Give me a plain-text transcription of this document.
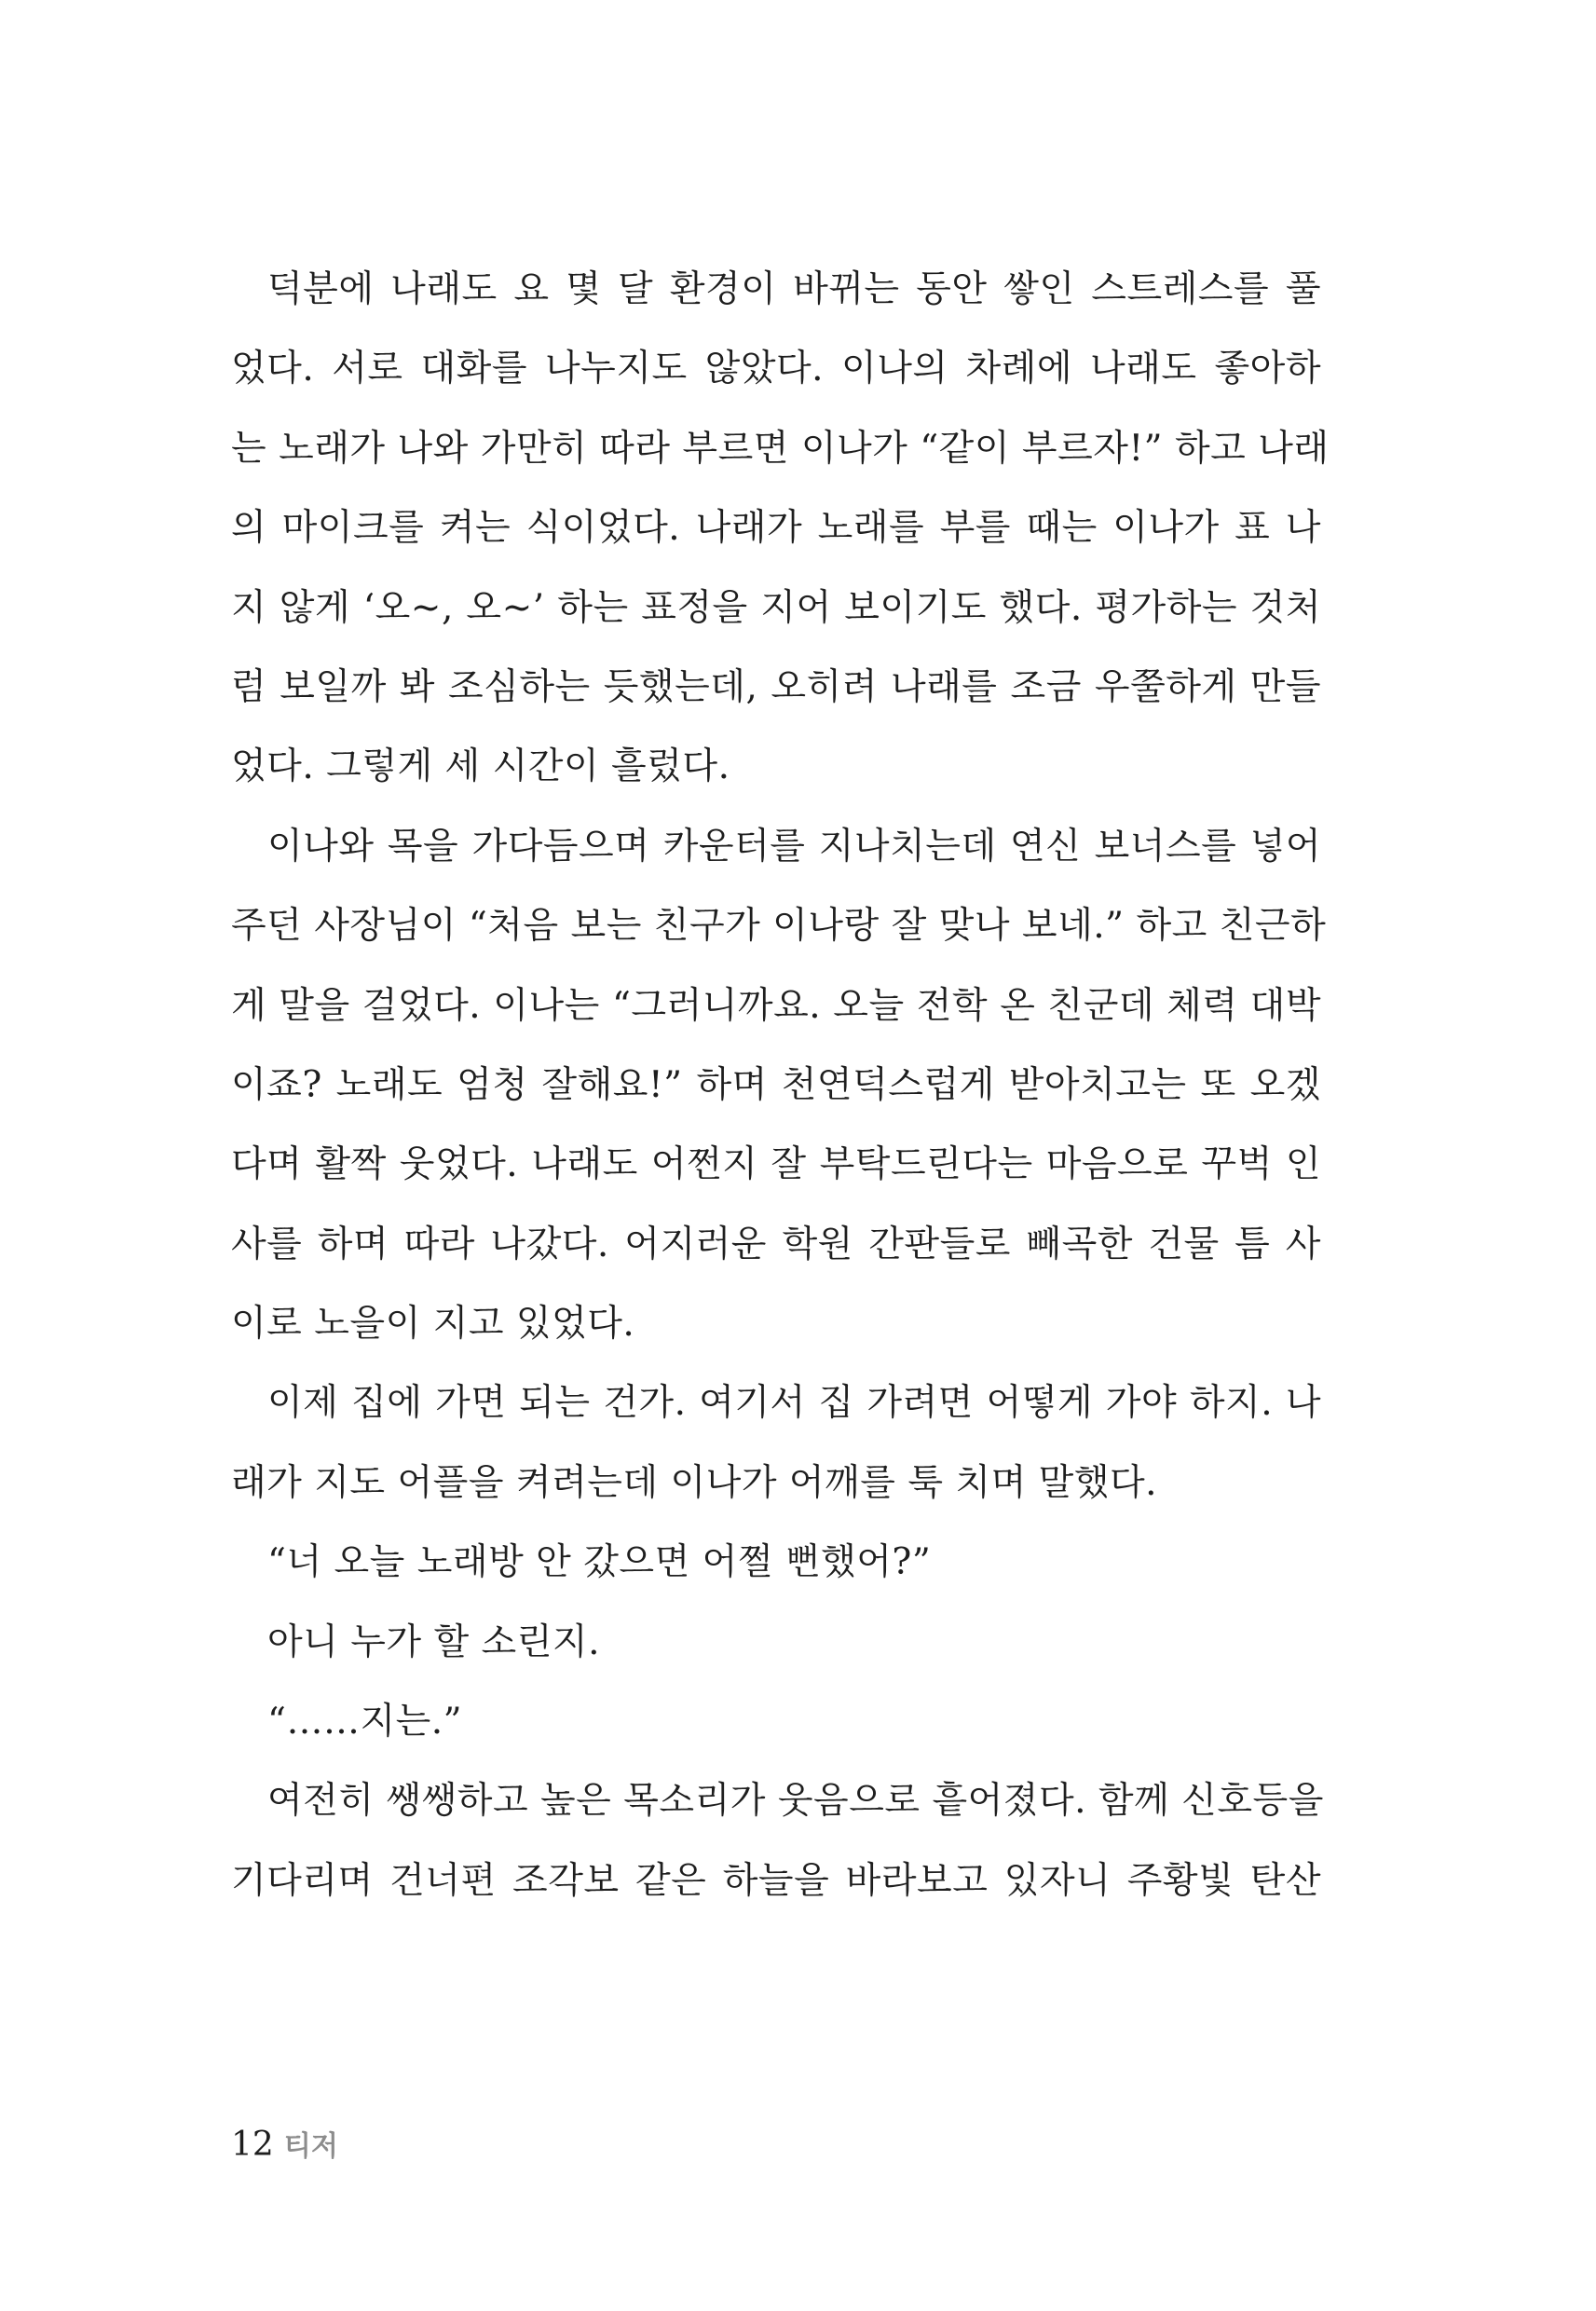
덕분에 나래도 요 몇 달 환경이 바뀌는 동안 쌓인 스트레스를 풀
었다. 서로 대화를 나누지도 않았다. 이나의 차례에 나래도 좋아하
는 노래가 나와 가만히 따라 부르면 이나가 “같이 부르자!” 하고 나래
의 마이크를 켜는 식이었다. 나래가 노래를 부를 때는 이나가 표 나
지 않게 ‘오~, 오~’ 하는 표정을 지어 보이기도 했다. 평가하는 것처
럼 보일까 봐 조심하는 듯했는데, 오히려 나래를 조금 우쭐하게 만들
었다. 그렇게 세 시간이 흘렀다.
이나와 목을 가다듬으며 카운터를 지나치는데 연신 보너스를 넣어
주던 사장님이 “처음 보는 친구가 이나랑 잘 맞나 보네.” 하고 친근하
게 말을 걸었다. 이나는 “그러니까요. 오늘 전학 온 친군데 체력 대박
이죠? 노래도 엄청 잘해요!” 하며 천연덕스럽게 받아치고는 또 오겠
다며 활짝 웃었다. 나래도 어쩐지 잘 부탁드린다는 마음으로 꾸벅 인
사를 하며 따라 나갔다. 어지러운 학원 간판들로 빼곡한 건물 틈 사
이로 노을이 지고 있었다.
이제 집에 가면 되는 건가. 여기서 집 가려면 어떻게 가야 하지. 나
래가 지도 어플을 켜려는데 이나가 어깨를 툭 치며 말했다.
“너 오늘 노래방 안 갔으면 어쩔 뻔했어?”
아니 누가 할 소린지.
“……지는.”
여전히 쌩쌩하고 높은 목소리가 웃음으로 흩어졌다. 함께 신호등을
기다리며 건너편 조각보 같은 하늘을 바라보고 있자니 주황빛 탄산
12 티저
